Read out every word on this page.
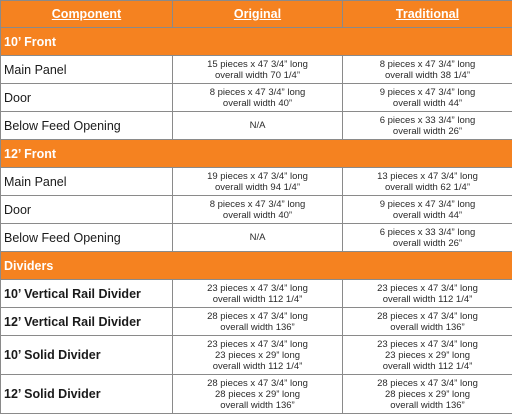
Component	Original	Traditional
10’ Front		
Main Panel	15 pieces x 47 3/4” long
overall width 70 1/4”	8 pieces x 47 3/4” long
overall width 38 1/4”

Door	8 pieces x 47 3/4” long
overall width 40”	9 pieces x 47 3/4” long
overall width 44”

Below Feed Opening	N/A	6 pieces x 33 3/4” long
overall width 26”

12’ Front		
Main Panel	19 pieces x 47 3/4” long
overall width 94 1/4”	13 pieces x 47 3/4” long
overall width 62 1/4”

Door	8 pieces x 47 3/4” long
overall width 40”	9 pieces x 47 3/4” long
overall width 44”

Below Feed Opening	N/A	6 pieces x 33 3/4” long
overall width 26”

Dividers		
10’ Vertical Rail Divider	23 pieces x 47 3/4” long
overall width 112 1/4”	23 pieces x 47 3/4” long
overall width 112 1/4”

12’ Vertical Rail Divider	28 pieces x 47 3/4” long
overall width 136”	28 pieces x 47 3/4” long
overall width 136”

10’ Solid Divider	23 pieces x 47 3/4” long
23 pieces x 29” long
overall width 112 1/4”	23 pieces x 47 3/4” long
23 pieces x 29” long
overall width 112 1/4”

12’ Solid Divider	28 pieces x 47 3/4” long
28 pieces x 29” long
overall width 136”	28 pieces x 47 3/4” long
28 pieces x 29” long
overall width 136”
